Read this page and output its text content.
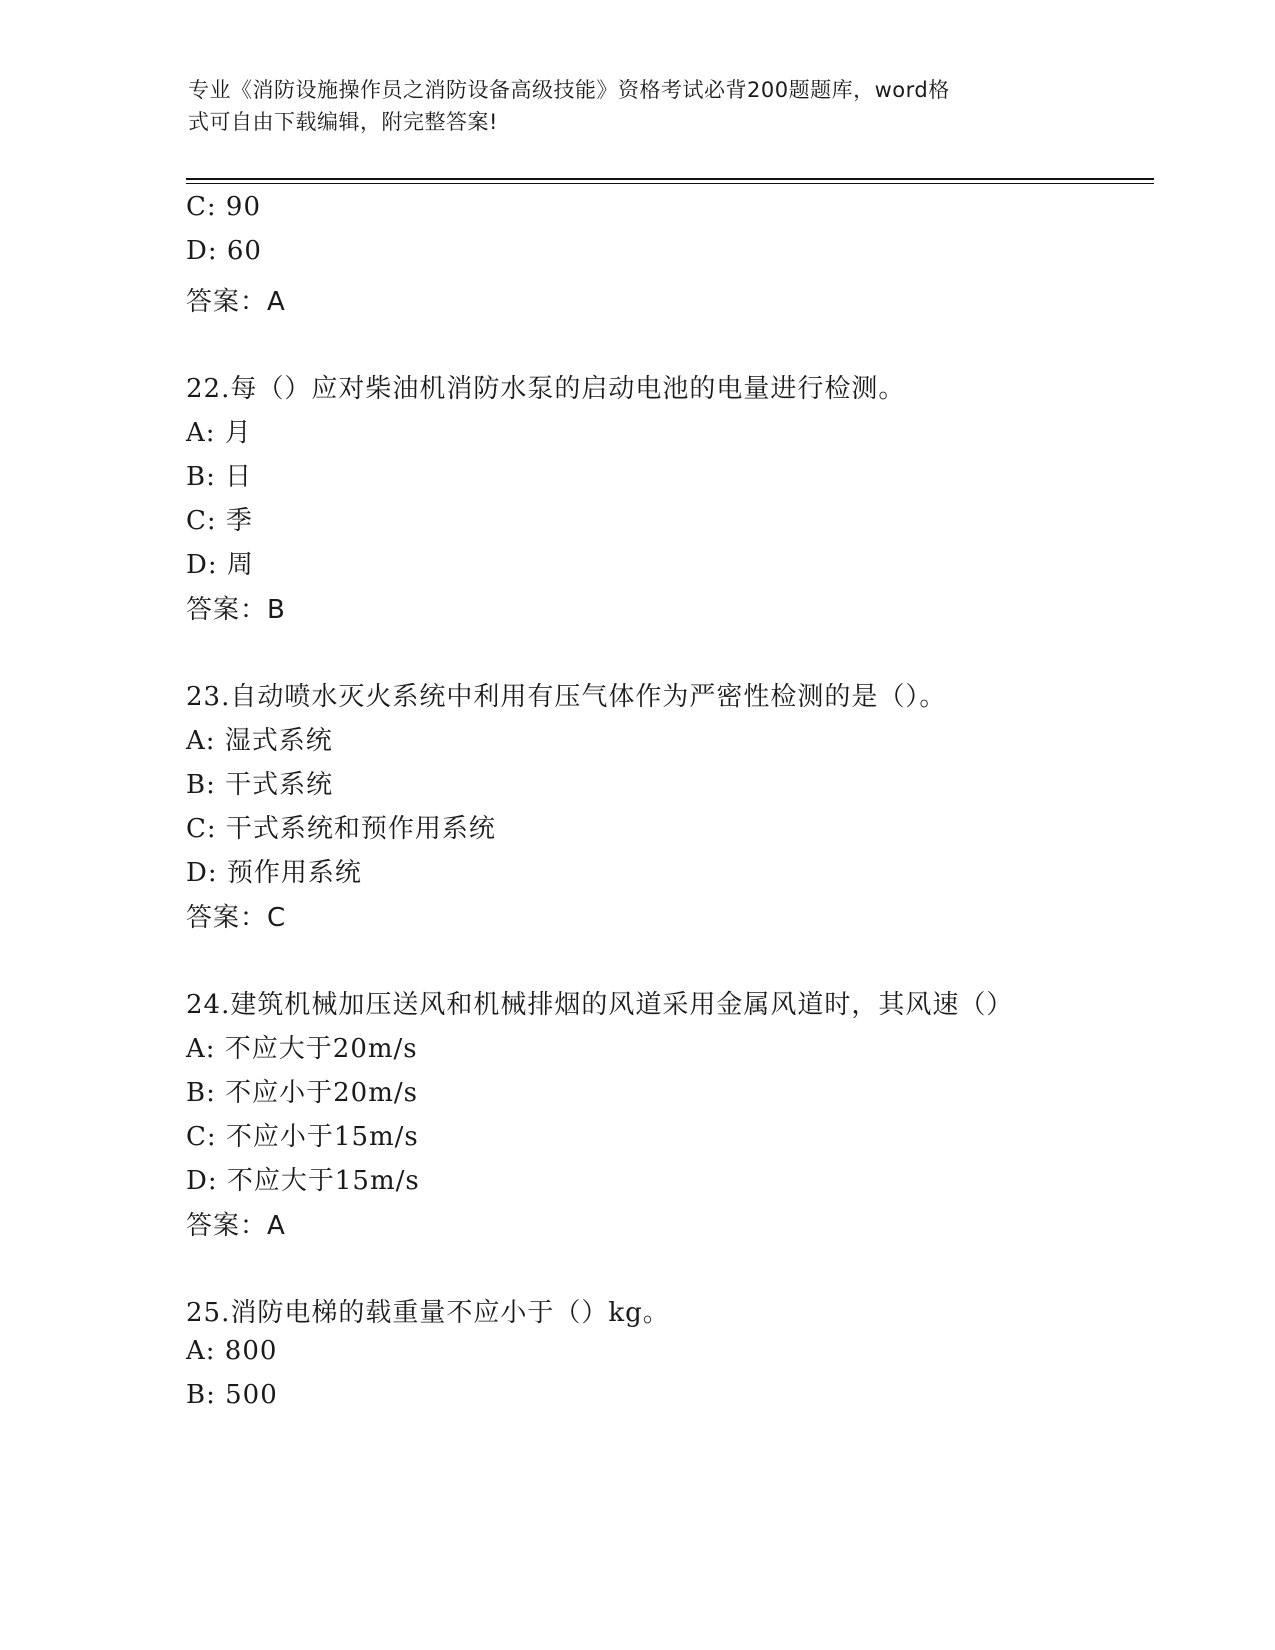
专业《消防设施操作员之消防设备高级技能》资格考试必背200题题库，word格
式可自由下载编辑，附完整答案!
C: 90
D: 60
答案：A
22.每（）应对柴油机消防水泵的启动电池的电量进行检测。
A: 月
B: 日
C: 季
D: 周
答案：B
23.自动喷水灭火系统中利用有压气体作为严密性检测的是（）。
A: 湿式系统
B: 干式系统
C: 干式系统和预作用系统
D: 预作用系统
答案：C
24.建筑机械加压送风和机械排烟的风道采用金属风道时，其风速（）
A: 不应大于20m/s
B: 不应小于20m/s
C: 不应小于15m/s
D: 不应大于15m/s
答案：A
25.消防电梯的载重量不应小于（）kg。
A: 800
B: 500
